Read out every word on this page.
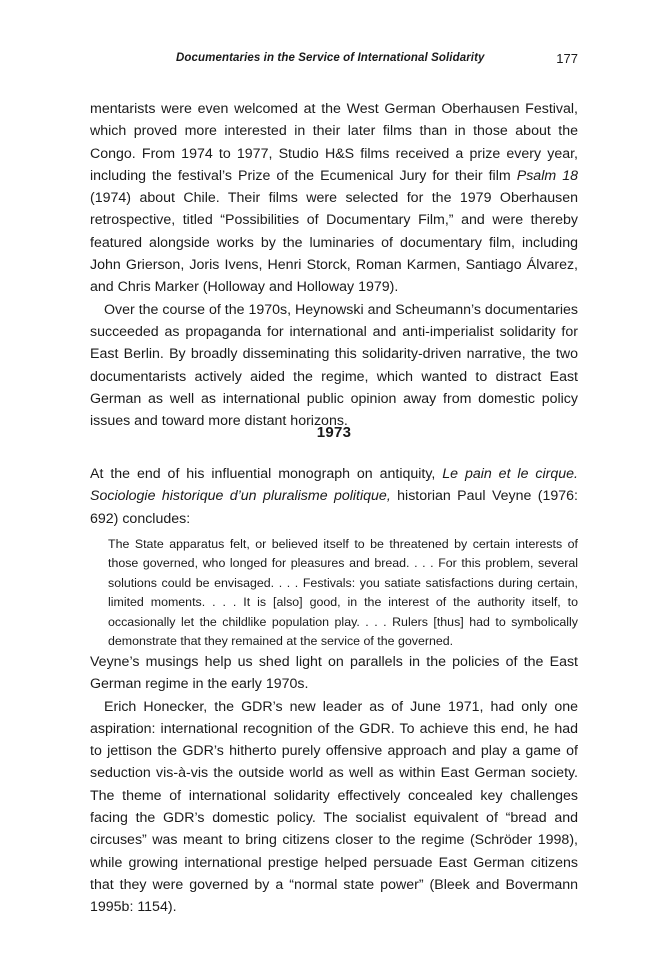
Documentaries in the Service of International Solidarity	177

mentarists were even welcomed at the West German Oberhausen Festival, which proved more interested in their later films than in those about the Congo. From 1974 to 1977, Studio H&S films received a prize every year, including the festival’s Prize of the Ecumenical Jury for their film Psalm 18 (1974) about Chile. Their films were selected for the 1979 Oberhausen retrospective, titled “Possibilities of Documentary Film,” and were thereby featured alongside works by the luminaries of documentary film, including John Grierson, Joris Ivens, Henri Storck, Roman Karmen, Santiago Álvarez, and Chris Marker (Holloway and Holloway 1979).

Over the course of the 1970s, Heynowski and Scheumann’s documentaries succeeded as propaganda for international and anti-imperialist solidarity for East Berlin. By broadly disseminating this solidarity-driven narrative, the two documentarists actively aided the regime, which wanted to distract East German as well as international public opinion away from domestic policy issues and toward more distant horizons.

1973

At the end of his influential monograph on antiquity, Le pain et le cirque. Sociologie historique d’un pluralisme politique, historian Paul Veyne (1976: 692) concludes:

The State apparatus felt, or believed itself to be threatened by certain interests of those governed, who longed for pleasures and bread. . . . For this problem, several solutions could be envisaged. . . . Festivals: you satiate satisfactions during certain, limited moments. . . . It is [also] good, in the interest of the authority itself, to occasionally let the childlike population play. . . . Rulers [thus] had to symbolically demonstrate that they remained at the service of the governed.

Veyne’s musings help us shed light on parallels in the policies of the East German regime in the early 1970s.

Erich Honecker, the GDR’s new leader as of June 1971, had only one aspiration: international recognition of the GDR. To achieve this end, he had to jettison the GDR’s hitherto purely offensive approach and play a game of seduction vis-à-vis the outside world as well as within East German society. The theme of international solidarity effectively concealed key challenges facing the GDR’s domestic policy. The socialist equivalent of “bread and circuses” was meant to bring citizens closer to the regime (Schröder 1998), while growing international prestige helped persuade East German citizens that they were governed by a “normal state power” (Bleek and Bovermann 1995b: 1154).
